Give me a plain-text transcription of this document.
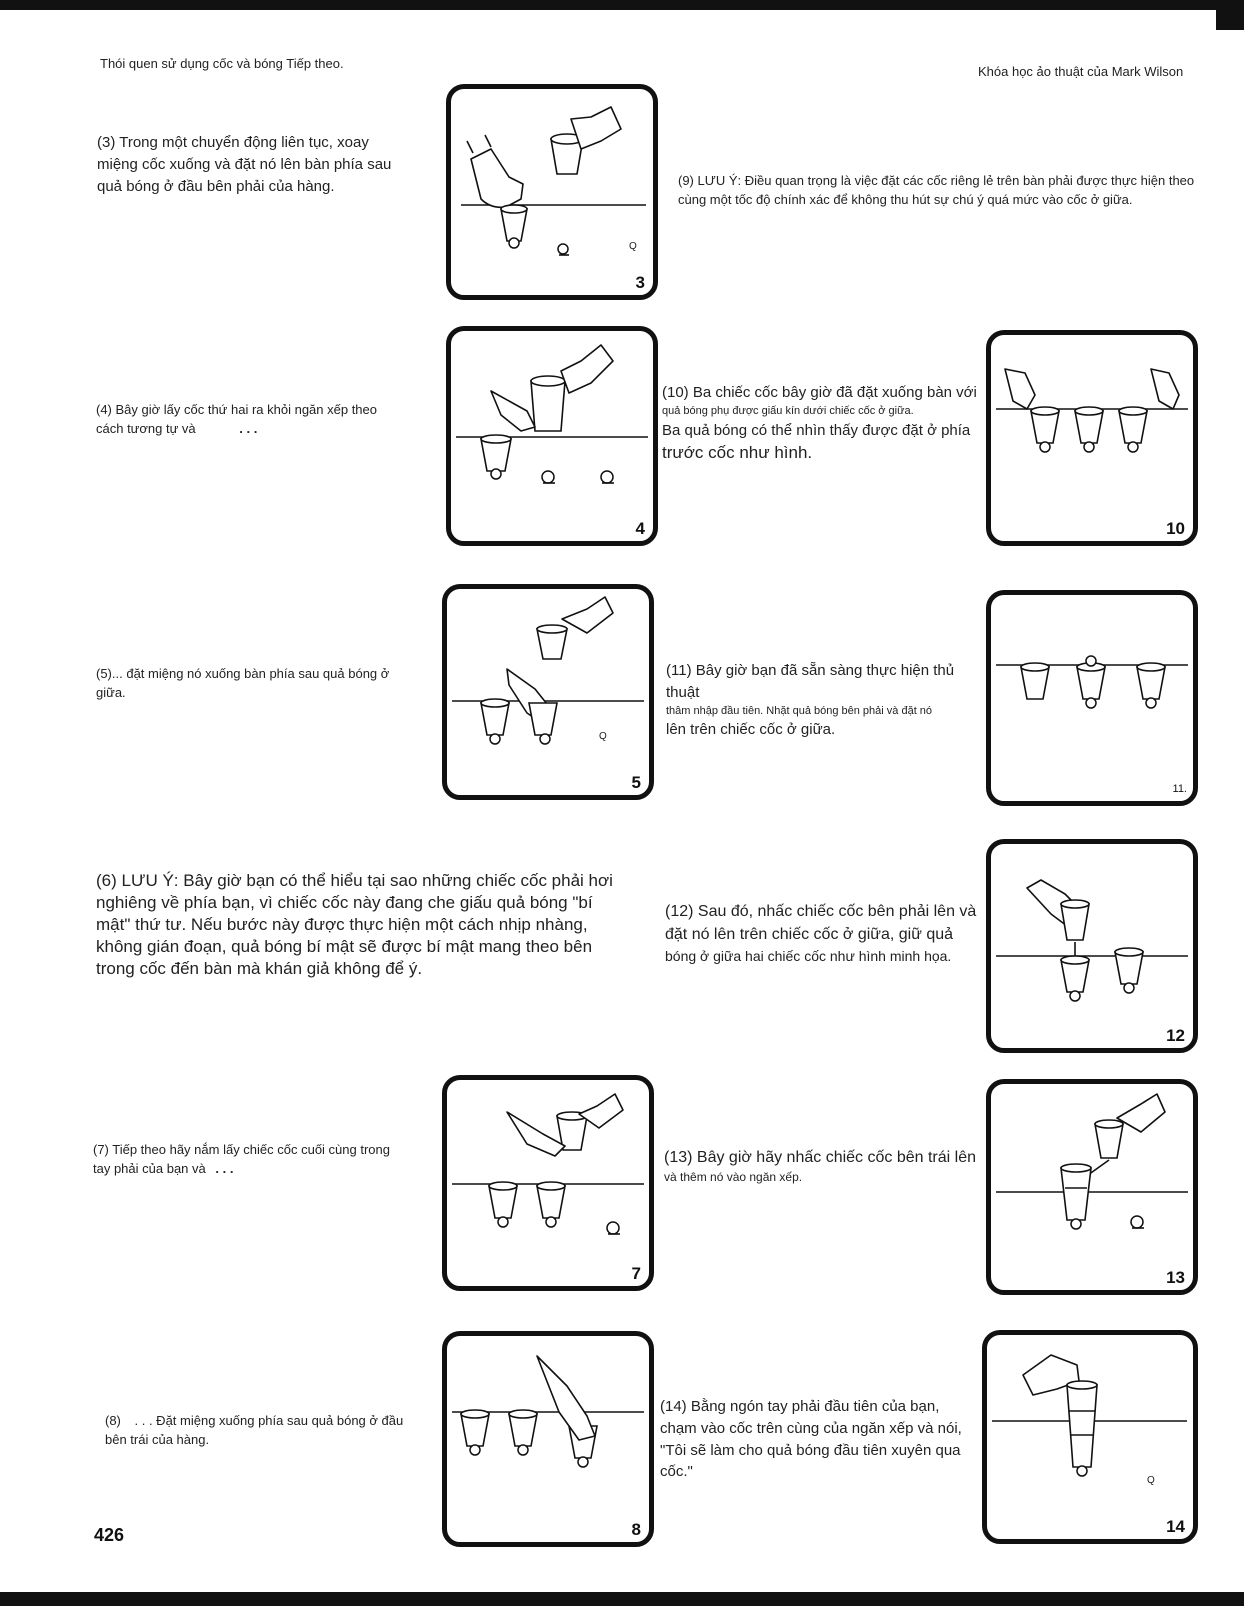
Thói quen sử dụng cốc và bóng Tiếp theo.
Khóa học ảo thuật của Mark Wilson
(3) Trong một chuyển động liên tục, xoay miệng cốc xuống và đặt nó lên bàn phía sau quả bóng ở đầu bên phải của hàng.
(4) Bây giờ lấy cốc thứ hai ra khỏi ngăn xếp theo cách tương tự và	. . .
(5)... đặt miệng nó xuống bàn phía sau quả bóng ở giữa.
(6) LƯU Ý: Bây giờ bạn có thể hiểu tại sao những chiếc cốc phải hơi nghiêng về phía bạn, vì chiếc cốc này đang che giấu quả bóng "bí mật" thứ tư. Nếu bước này được thực hiện một cách nhịp nhàng, không gián đoạn, quả bóng bí mật sẽ được bí mật mang theo bên trong cốc đến bàn mà khán giả không để ý.
(7) Tiếp theo hãy nắm lấy chiếc cốc cuối cùng trong tay phải của bạn và . . .
(8) . . . Đặt miệng xuống phía sau quả bóng ở đầu bên trái của hàng.
(9) LƯU Ý: Điều quan trọng là việc đặt các cốc riêng lẻ trên bàn phải được thực hiện theo cùng một tốc độ chính xác để không thu hút sự chú ý quá mức vào cốc ở giữa.
(10) Ba chiếc cốc bây giờ đã đặt xuống bàn với
quả bóng phụ được giấu kín dưới chiếc cốc ở giữa.
Ba quả bóng có thể nhìn thấy được đặt ở phía
trước cốc như hình.
(11) Bây giờ bạn đã sẵn sàng thực hiện thủ thuật
thâm nhập đầu tiên. Nhặt quả bóng bên phải và đặt nó
lên trên chiếc cốc ở giữa.
(12) Sau đó, nhấc chiếc cốc bên phải lên và đặt nó lên trên chiếc cốc ở giữa, giữ quả
bóng ở giữa hai chiếc cốc như hình minh họa.
(13) Bây giờ hãy nhấc chiếc cốc bên trái lên
và thêm nó vào ngăn xếp.
(14) Bằng ngón tay phải đầu tiên của bạn, chạm vào cốc trên cùng của ngăn xếp và nói, "Tôi sẽ làm cho quả bóng đầu tiên xuyên qua cốc."
Q
3
4
Q
5
7
8
10
11.
12
13
Q
14
426
